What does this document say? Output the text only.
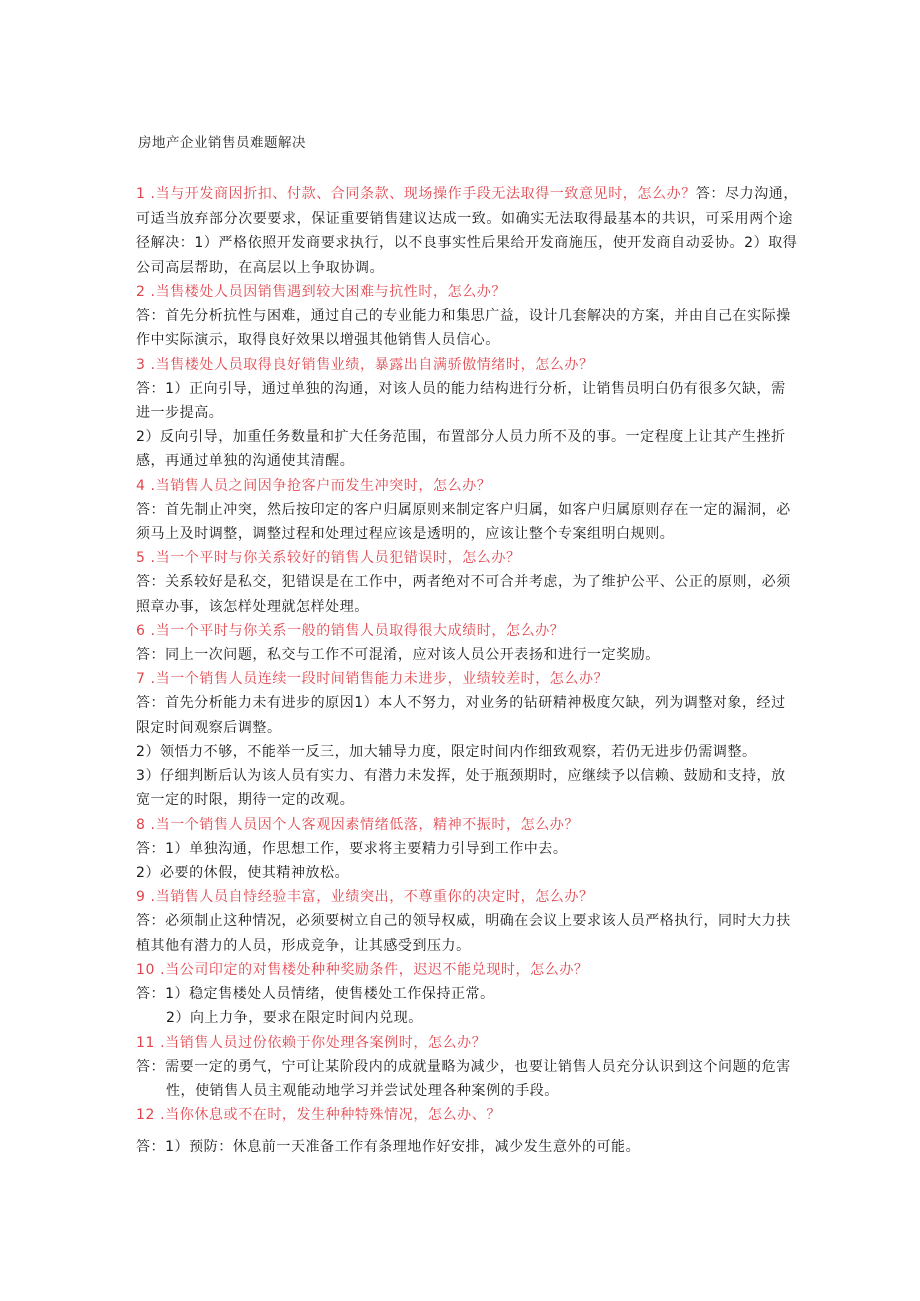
房地产企业销售员难题解决
1 .当与开发商因折扣、付款、合同条款、现场操作手段无法取得一致意见时，怎么办？答：尽力沟通，可适当放弃部分次要要求，保证重要销售建议达成一致。如确实无法取得最基本的共识，可采用两个途径解决：1）严格依照开发商要求执行，以不良事实性后果给开发商施压，使开发商自动妥协。2）取得公司高层帮助，在高层以上争取协调。
2 .当售楼处人员因销售遇到较大困难与抗性时，怎么办？
答：首先分析抗性与困难，通过自己的专业能力和集思广益，设计几套解决的方案，并由自己在实际操作中实际演示，取得良好效果以增强其他销售人员信心。
3 .当售楼处人员取得良好销售业绩，暴露出自满骄傲情绪时，怎么办？
答：1）正向引导，通过单独的沟通，对该人员的能力结构进行分析，让销售员明白仍有很多欠缺，需进一步提高。
2）反向引导，加重任务数量和扩大任务范围，布置部分人员力所不及的事。一定程度上让其产生挫折感，再通过单独的沟通使其清醒。
4 .当销售人员之间因争抢客户而发生冲突时，怎么办？
答：首先制止冲突，然后按印定的客户归属原则来制定客户归属，如客户归属原则存在一定的漏洞，必须马上及时调整，调整过程和处理过程应该是透明的，应该让整个专案组明白规则。
5 .当一个平时与你关系较好的销售人员犯错误时，怎么办？
答：关系较好是私交，犯错误是在工作中，两者绝对不可合并考虑，为了维护公平、公正的原则，必须照章办事，该怎样处理就怎样处理。
6 .当一个平时与你关系一般的销售人员取得很大成绩时，怎么办？
答：同上一次问题，私交与工作不可混淆，应对该人员公开表扬和进行一定奖励。
7 .当一个销售人员连续一段时间销售能力未进步，业绩较差时，怎么办？
答：首先分析能力未有进步的原因1）本人不努力，对业务的钻研精神极度欠缺，列为调整对象，经过限定时间观察后调整。
2）领悟力不够，不能举一反三，加大辅导力度，限定时间内作细致观察，若仍无进步仍需调整。
3）仔细判断后认为该人员有实力、有潜力未发挥，处于瓶颈期时，应继续予以信赖、鼓励和支持，放宽一定的时限，期待一定的改观。
8 .当一个销售人员因个人客观因素情绪低落，精神不振时，怎么办？
答：1）单独沟通，作思想工作，要求将主要精力引导到工作中去。
2）必要的休假，使其精神放松。
9 .当销售人员自恃经验丰富，业绩突出，不尊重你的决定时，怎么办？
答：必须制止这种情况，必须要树立自己的领导权威，明确在会议上要求该人员严格执行，同时大力扶植其他有潜力的人员，形成竞争，让其感受到压力。
10 .当公司印定的对售楼处种种奖励条件，迟迟不能兑现时，怎么办？
答：1）稳定售楼处人员情绪，使售楼处工作保持正常。
2）向上力争，要求在限定时间内兑现。
11 .当销售人员过份依赖于你处理各案例时，怎么办？
答：需要一定的勇气，宁可让某阶段内的成就量略为减少，也要让销售人员充分认识到这个问题的危害性，使销售人员主观能动地学习并尝试处理各种案例的手段。
12 .当你休息或不在时，发生种种特殊情况，怎么办、？
答：1）预防：休息前一天准备工作有条理地作好安排，减少发生意外的可能。
